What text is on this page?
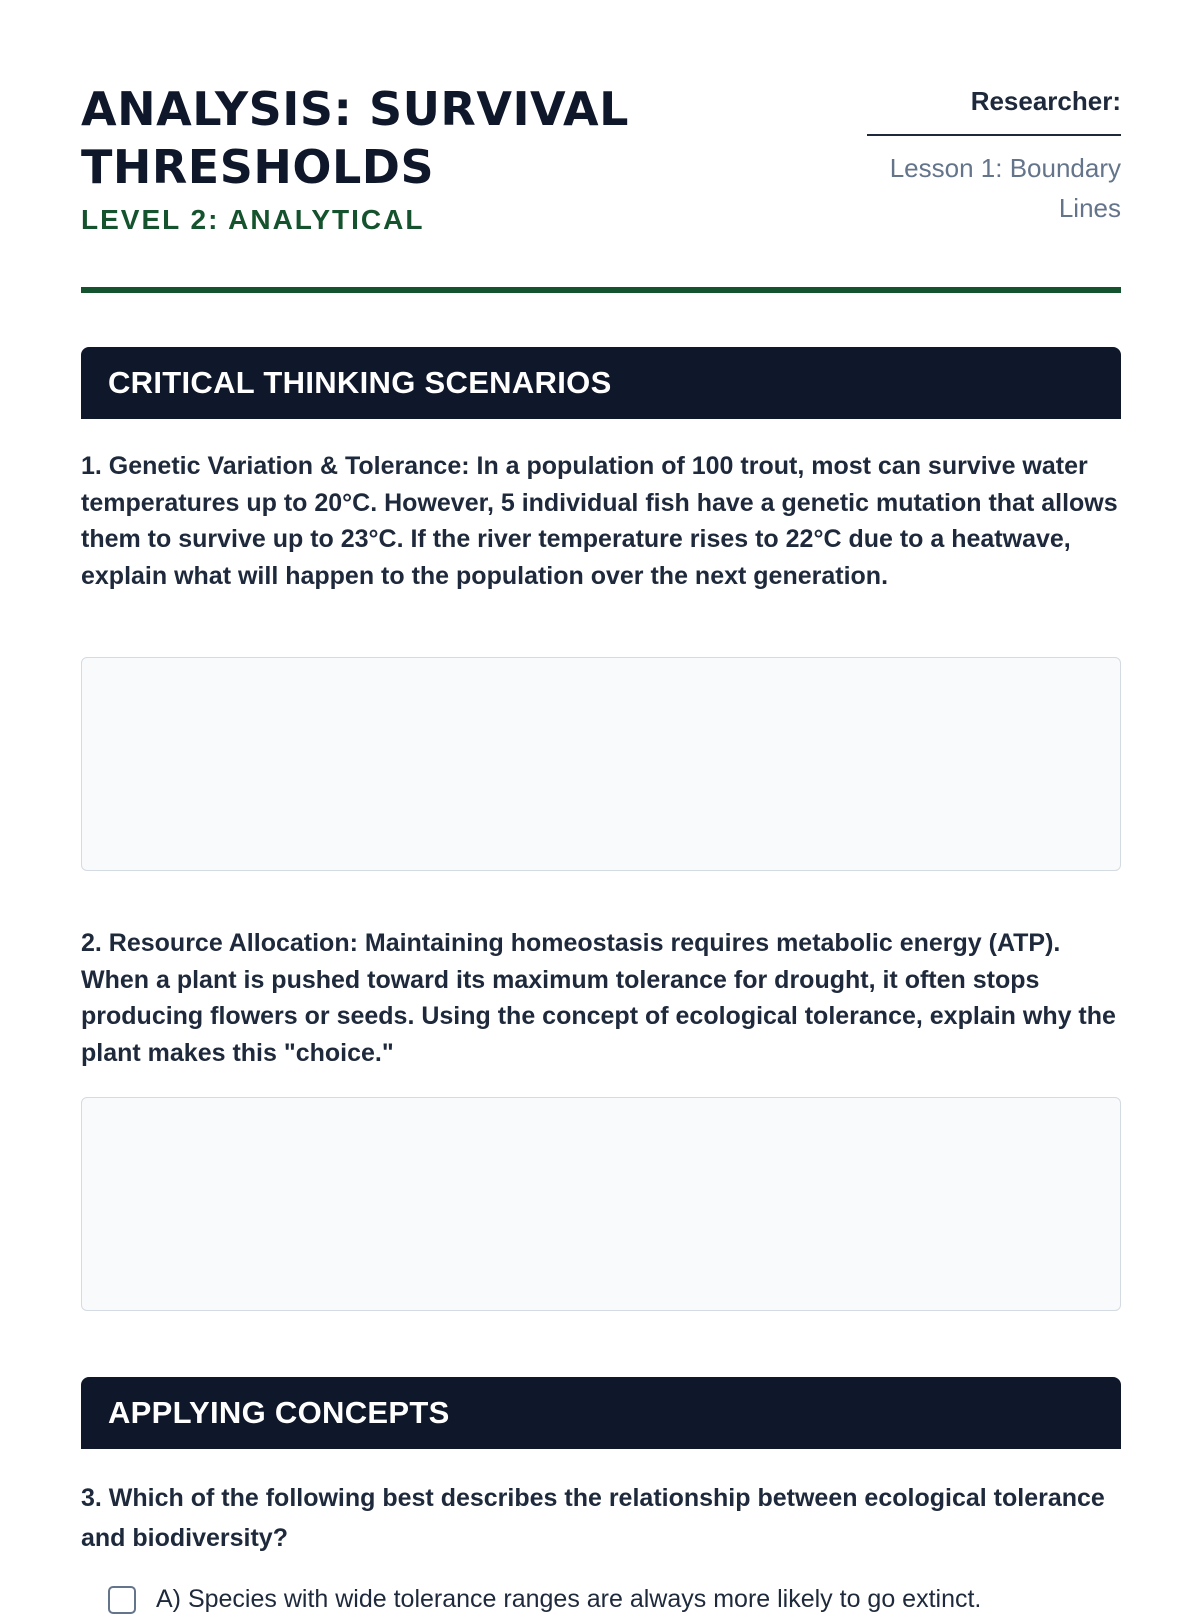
ANALYSIS: SURVIVAL THRESHOLDS
LEVEL 2: ANALYTICAL
Researcher:
Lesson 1: Boundary Lines
CRITICAL THINKING SCENARIOS

1. Genetic Variation & Tolerance: In a population of 100 trout, most can survive water temperatures up to 20°C. However, 5 individual fish have a genetic mutation that allows them to survive up to 23°C. If the river temperature rises to 22°C due to a heatwave, explain what will happen to the population over the next generation.

2. Resource Allocation: Maintaining homeostasis requires metabolic energy (ATP). When a plant is pushed toward its maximum tolerance for drought, it often stops producing flowers or seeds. Using the concept of ecological tolerance, explain why the plant makes this "choice."

APPLYING CONCEPTS

3. Which of the following best describes the relationship between ecological tolerance and biodiversity?

A) Species with wide tolerance ranges are always more likely to go extinct.
